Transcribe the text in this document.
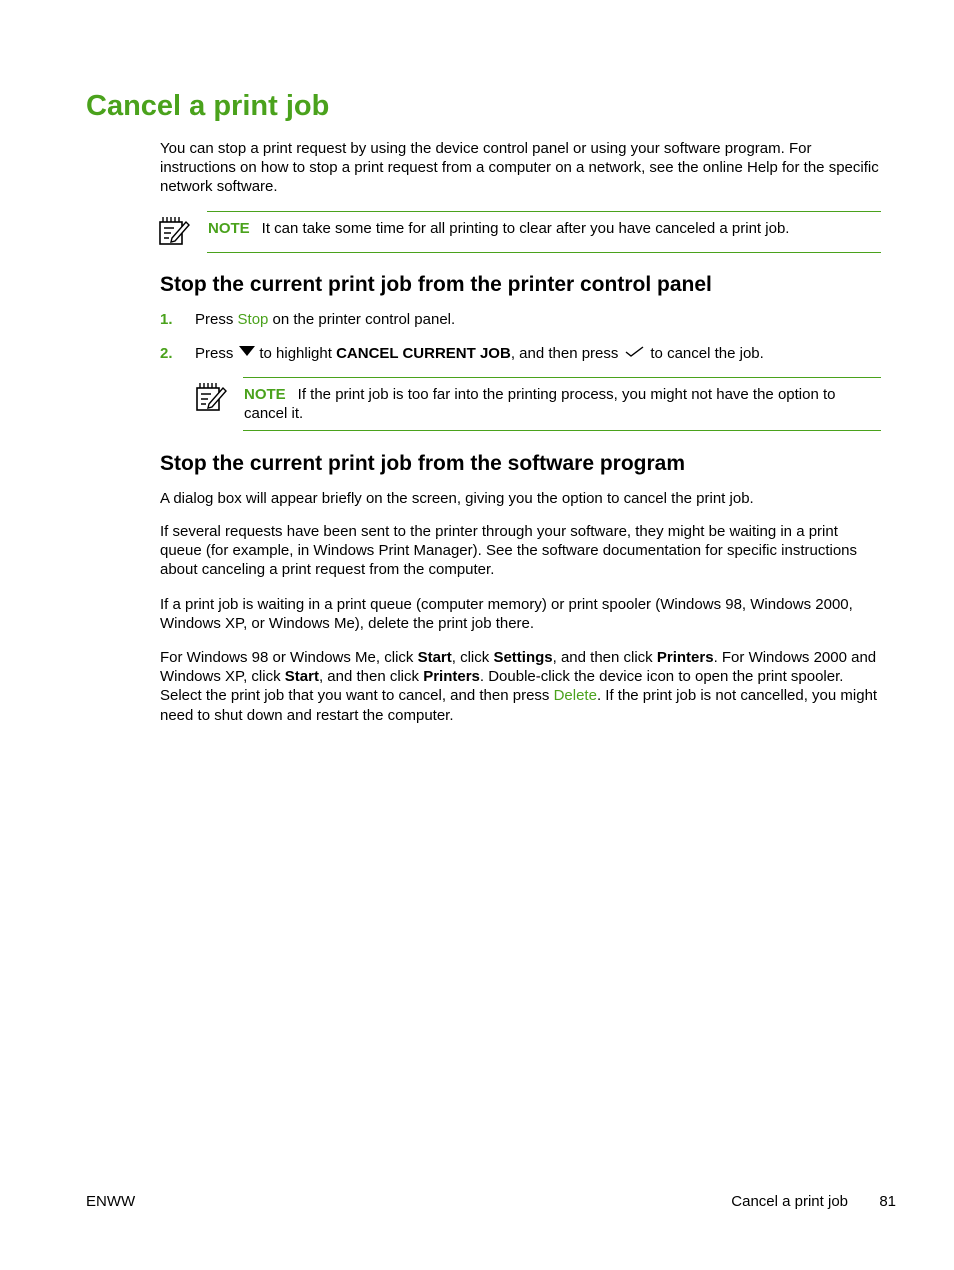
Cancel a print job

You can stop a print request by using the device control panel or using your software program. For instructions on how to stop a print request from a computer on a network, see the online Help for the specific network software.

NOTE It can take some time for all printing to clear after you have canceled a print job.
Stop the current print job from the printer control panel
1. Press Stop on the printer control panel.
2. Press to highlight CANCEL CURRENT JOB, and then press to cancel the job.
NOTE If the print job is too far into the printing process, you might not have the option to cancel it.
Stop the current print job from the software program

A dialog box will appear briefly on the screen, giving you the option to cancel the print job.

If several requests have been sent to the printer through your software, they might be waiting in a print queue (for example, in Windows Print Manager). See the software documentation for specific instructions about canceling a print request from the computer.

If a print job is waiting in a print queue (computer memory) or print spooler (Windows 98, Windows 2000, Windows XP, or Windows Me), delete the print job there.

For Windows 98 or Windows Me, click Start, click Settings, and then click Printers. For Windows 2000 and Windows XP, click Start, and then click Printers. Double-click the device icon to open the print spooler. Select the print job that you want to cancel, and then press Delete. If the print job is not cancelled, you might need to shut down and restart the computer.

ENWW	Cancel a print job 81
